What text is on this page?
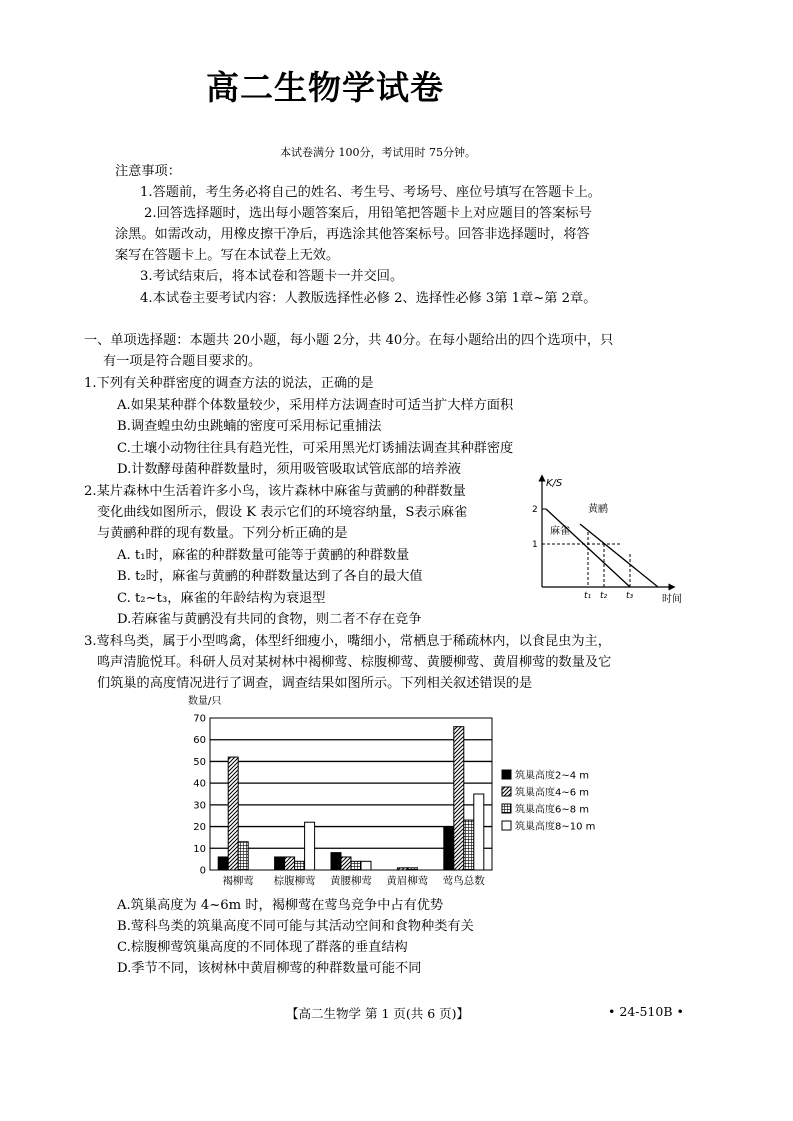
高二生物学试卷
本试卷满分 100分，考试用时 75分钟。
注意事项：
1.答题前，考生务必将自己的姓名、考生号、考场号、座位号填写在答题卡上。
2.回答选择题时，选出每小题答案后，用铅笔把答题卡上对应题目的答案标号
涂黑。如需改动，用橡皮擦干净后，再选涂其他答案标号。回答非选择题时，将答
案写在答题卡上。写在本试卷上无效。
3.考试结束后，将本试卷和答题卡一并交回。
4.本试卷主要考试内容：人教版选择性必修 2、选择性必修 3第 1章~第 2章。
一、单项选择题：本题共 20小题，每小题 2分，共 40分。在每小题给出的四个选项中，只
有一项是符合题目要求的。
1.下列有关种群密度的调查方法的说法，正确的是
A.如果某种群个体数量较少，采用样方法调查时可适当扩大样方面积
B.调查蝗虫幼虫跳蝻的密度可采用标记重捕法
C.土壤小动物往往具有趋光性，可采用黑光灯诱捕法调查其种群密度
D.计数酵母菌种群数量时，须用吸管吸取试管底部的培养液
2.某片森林中生活着许多小鸟，该片森林中麻雀与黄鹂的种群数量
变化曲线如图所示，假设 K 表示它们的环境容纳量，S表示麻雀
与黄鹂种群的现有数量。下列分析正确的是
A. t₁时，麻雀的种群数量可能等于黄鹂的种群数量
B. t₂时，麻雀与黄鹂的种群数量达到了各自的最大值
C. t₂~t₃，麻雀的年龄结构为衰退型
D.若麻雀与黄鹂没有共同的食物，则二者不存在竞争
K/S
2
1
t₁ t₂ t₃	时间
黄鹂
麻雀
3.莺科鸟类，属于小型鸣禽，体型纤细瘦小，嘴细小，常栖息于稀疏林内，以食昆虫为主，
鸣声清脆悦耳。科研人员对某树林中褐柳莺、棕腹柳莺、黄腰柳莺、黄眉柳莺的数量及它
们筑巢的高度情况进行了调查，调查结果如图所示。下列相关叙述错误的是
数量/只
0
10
20
30
40
50
60
70
褐柳莺 棕腹柳莺 黄腰柳莺 黄眉柳莺 莺鸟总数
筑巢高度2~4 m
筑巢高度4~6 m
筑巢高度6~8 m
筑巢高度8~10 m
A.筑巢高度为 4~6m 时，褐柳莺在莺鸟竞争中占有优势
B.莺科鸟类的筑巢高度不同可能与其活动空间和食物种类有关
C.棕腹柳莺筑巢高度的不同体现了群落的垂直结构
D.季节不同，该树林中黄眉柳莺的种群数量可能不同
【高二生物学 第 1 页(共 6 页)】	• 24-510B •
